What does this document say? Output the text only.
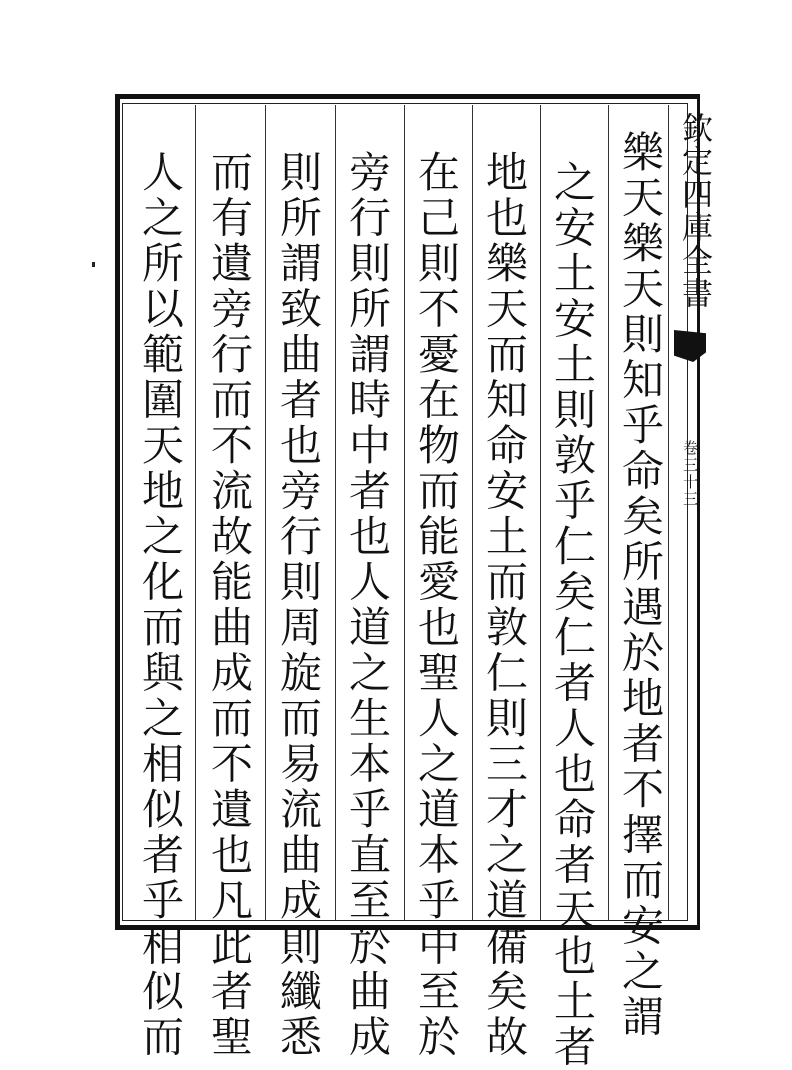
欽定四庫全書
卷三十三
樂天樂天則知乎命矣所遇於地者不擇而安之謂
之安土安土則敦乎仁矣仁者人也命者天也土者
地也樂天而知命安土而敦仁則三才之道備矣故
在己則不憂在物而能愛也聖人之道本乎中至於
旁行則所謂時中者也人道之生本乎直至於曲成
則所謂致曲者也旁行則周旋而易流曲成則纖悉
而有遺旁行而不流故能曲成而不遺也凡此者聖
人之所以範圍天地之化而與之相似者乎相似而
